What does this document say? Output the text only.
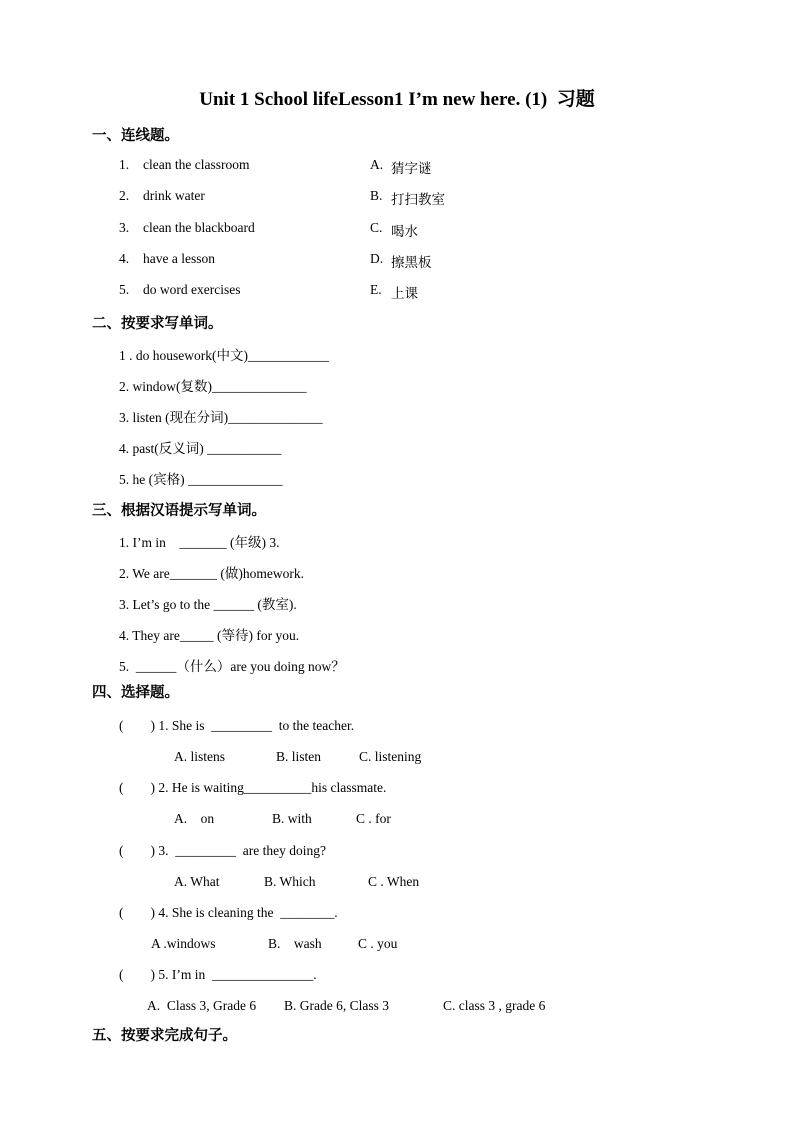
Unit 1 School lifeLesson1 I’m new here. (1)  习题
一、连线题。
1. clean the classroom	A. 猜字谜
2. drink water	B. 打扫教室
3. clean the blackboard	C. 喝水
4. have a lesson	D. 擦黑板
5. do word exercises	E. 上课
二、按要求写单词。
1 . do housework(中文)____________
2. window(复数)______________
3. listen (现在分词)______________
4. past(反义词) ___________
5. he (宾格) ______________
三、根据汉语提示写单词。
1. I’m in    _______ (年级) 3.
2. We are_______ (做)homework.
3. Let’s go to the ______ (教室).
4. They are_____ (等待) for you.
5.  ______（什么）are you doing now？
四、选择题。
(        ) 1. She is  _________  to the teacher.
A. listens	B. listen	C. listening
(        ) 2. He is waiting__________his classmate.
A.    on	B. with	C . for
(        ) 3.  _________  are they doing?
A. What	B. Which	C . When
(        ) 4. She is cleaning the  ________.
A .windows	B.    wash	C . you
(        ) 5. I’m in  _______________.
A.  Class 3, Grade 6 B. Grade 6, Class 3	C. class 3 , grade 6
五、按要求完成句子。
